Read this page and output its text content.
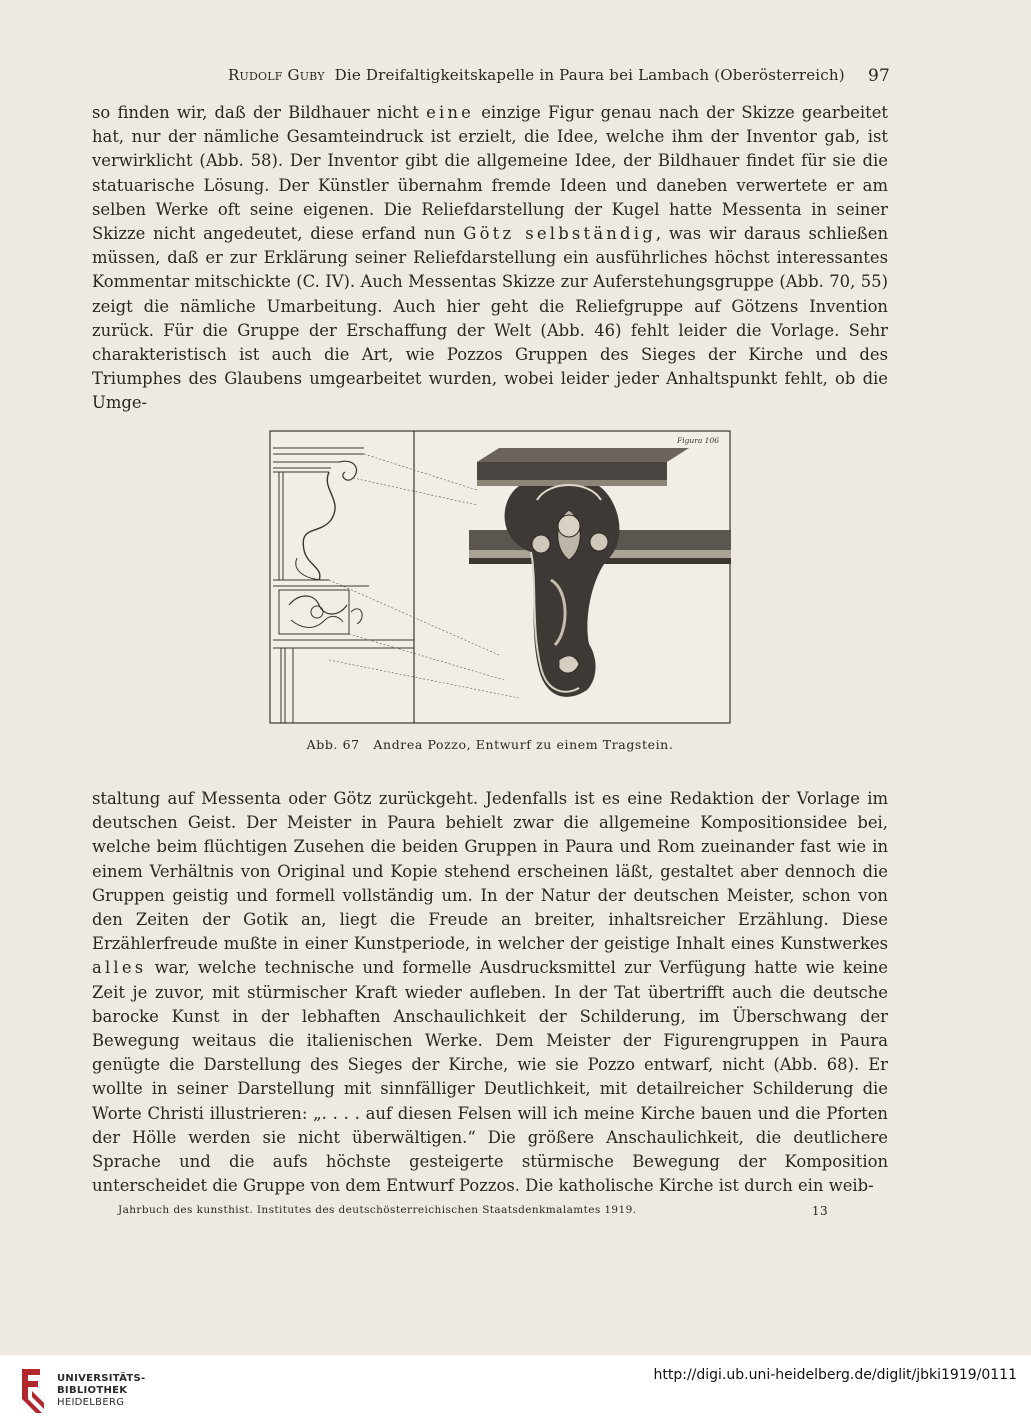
Rudolf Guby Die Dreifaltigkeitskapelle in Paura bei Lambach (Oberösterreich) 97

so finden wir, daß der Bildhauer nicht eine einzige Figur genau nach der Skizze gearbeitet hat, nur der nämliche Gesamteindruck ist erzielt, die Idee, welche ihm der Inventor gab, ist verwirklicht (Abb. 58). Der Inventor gibt die allgemeine Idee, der Bildhauer findet für sie die statuarische Lösung. Der Künstler übernahm fremde Ideen und daneben verwertete er am selben Werke oft seine eigenen. Die Reliefdarstellung der Kugel hatte Messenta in seiner Skizze nicht angedeutet, diese erfand nun Götz selbständig, was wir daraus schließen müssen, daß er zur Erklärung seiner Reliefdarstellung ein ausführliches höchst interessantes Kommentar mitschickte (C. IV). Auch Messentas Skizze zur Auferstehungsgruppe (Abb. 70, 55) zeigt die nämliche Umarbeitung. Auch hier geht die Reliefgruppe auf Götzens Invention zurück. Für die Gruppe der Erschaffung der Welt (Abb. 46) fehlt leider die Vorlage. Sehr charakteristisch ist auch die Art, wie Pozzos Gruppen des Sieges der Kirche und des Triumphes des Glaubens umgearbeitet wurden, wobei leider jeder Anhaltspunkt fehlt, ob die Umge-

Figura 106
Abb. 67   Andrea Pozzo, Entwurf zu einem Tragstein.

staltung auf Messenta oder Götz zurückgeht. Jedenfalls ist es eine Redaktion der Vorlage im deutschen Geist. Der Meister in Paura behielt zwar die allgemeine Kompositionsidee bei, welche beim flüchtigen Zusehen die beiden Gruppen in Paura und Rom zueinander fast wie in einem Verhältnis von Original und Kopie stehend erscheinen läßt, gestaltet aber dennoch die Gruppen geistig und formell vollständig um. In der Natur der deutschen Meister, schon von den Zeiten der Gotik an, liegt die Freude an breiter, inhaltsreicher Erzählung. Diese Erzählerfreude mußte in einer Kunstperiode, in welcher der geistige Inhalt eines Kunstwerkes alles war, welche technische und formelle Ausdrucksmittel zur Verfügung hatte wie keine Zeit je zuvor, mit stürmischer Kraft wieder aufleben. In der Tat übertrifft auch die deutsche barocke Kunst in der lebhaften Anschaulichkeit der Schilderung, im Überschwang der Bewegung weitaus die italienischen Werke. Dem Meister der Figurengruppen in Paura genügte die Darstellung des Sieges der Kirche, wie sie Pozzo entwarf, nicht (Abb. 68). Er wollte in seiner Darstellung mit sinnfälliger Deutlichkeit, mit detailreicher Schilderung die Worte Christi illustrieren: „. . . . auf diesen Felsen will ich meine Kirche bauen und die Pforten der Hölle werden sie nicht überwältigen.“ Die größere Anschaulichkeit, die deutlichere Sprache und die aufs höchste gesteigerte stürmische Bewegung der Komposition unterscheidet die Gruppe von dem Entwurf Pozzos. Die katholische Kirche ist durch ein weib-

Jahrbuch des kunsthist. Institutes des deutschösterreichischen Staatsdenkmalamtes 1919.	13
UNIVERSITÄTS-
BIBLIOTHEK
HEIDELBERG
http://digi.ub.uni-heidelberg.de/diglit/jbki1919/0111
